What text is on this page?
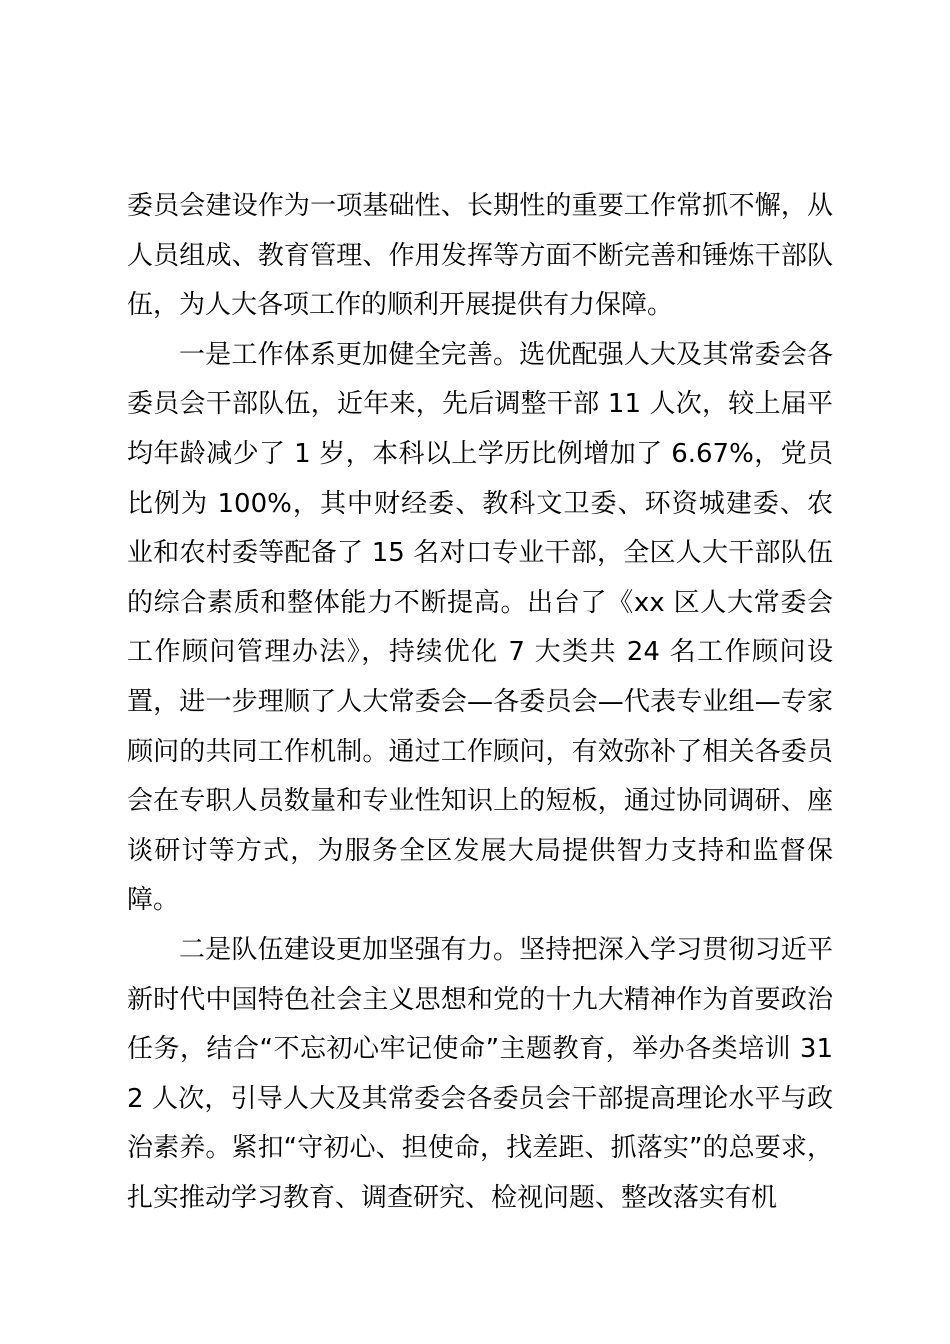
委员会建设作为一项基础性、长期性的重要工作常抓不懈，从人员组成、教育管理、作用发挥等方面不断完善和锤炼干部队伍，为人大各项工作的顺利开展提供有力保障。

一是工作体系更加健全完善。选优配强人大及其常委会各委员会干部队伍，近年来，先后调整干部 11 人次，较上届平均年龄减少了 1 岁，本科以上学历比例增加了 6.67%，党员比例为 100%，其中财经委、教科文卫委、环资城建委、农业和农村委等配备了 15 名对口专业干部，全区人大干部队伍的综合素质和整体能力不断提高。出台了《xx 区人大常委会工作顾问管理办法》，持续优化 7 大类共 24 名工作顾问设置，进一步理顺了人大常委会—各委员会—代表专业组—专家顾问的共同工作机制。通过工作顾问，有效弥补了相关各委员会在专职人员数量和专业性知识上的短板，通过协同调研、座谈研讨等方式，为服务全区发展大局提供智力支持和监督保障。

二是队伍建设更加坚强有力。坚持把深入学习贯彻习近平新时代中国特色社会主义思想和党的十九大精神作为首要政治任务，结合“不忘初心牢记使命”主题教育，举办各类培训 312 人次，引导人大及其常委会各委员会干部提高理论水平与政治素养。紧扣“守初心、担使命，找差距、抓落实”的总要求，扎实推动学习教育、调查研究、检视问题、整改落实有机
